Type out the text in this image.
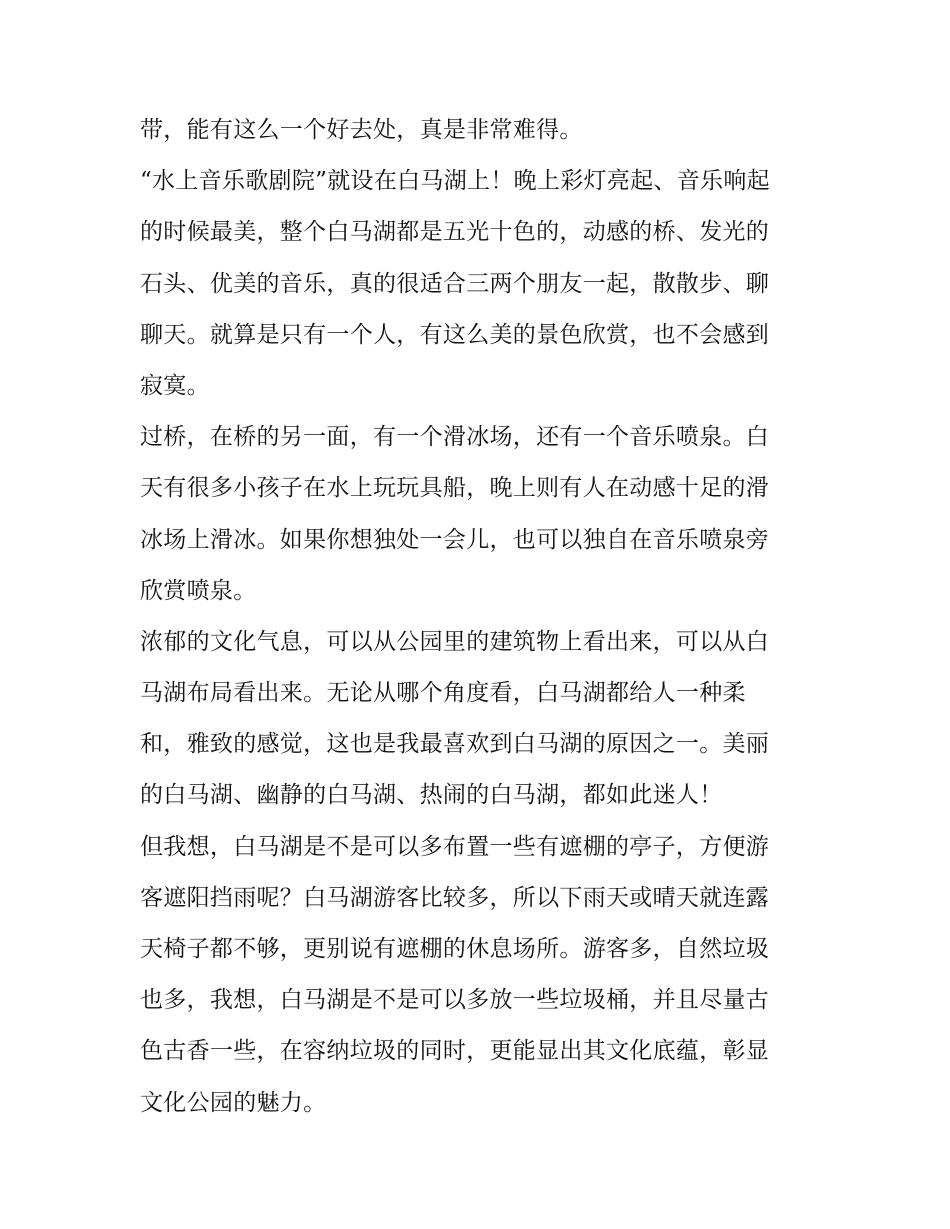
带，能有这么一个好去处，真是非常难得。
“水上音乐歌剧院”就设在白马湖上！晚上彩灯亮起、音乐响起
的时候最美，整个白马湖都是五光十色的，动感的桥、发光的
石头、优美的音乐，真的很适合三两个朋友一起，散散步、聊
聊天。就算是只有一个人，有这么美的景色欣赏，也不会感到
寂寞。
过桥，在桥的另一面，有一个滑冰场，还有一个音乐喷泉。白
天有很多小孩子在水上玩玩具船，晚上则有人在动感十足的滑
冰场上滑冰。如果你想独处一会儿，也可以独自在音乐喷泉旁
欣赏喷泉。
浓郁的文化气息，可以从公园里的建筑物上看出来，可以从白
马湖布局看出来。无论从哪个角度看，白马湖都给人一种柔
和，雅致的感觉，这也是我最喜欢到白马湖的原因之一。美丽
的白马湖、幽静的白马湖、热闹的白马湖，都如此迷人！
但我想，白马湖是不是可以多布置一些有遮棚的亭子，方便游
客遮阳挡雨呢？白马湖游客比较多，所以下雨天或晴天就连露
天椅子都不够，更别说有遮棚的休息场所。游客多，自然垃圾
也多，我想，白马湖是不是可以多放一些垃圾桶，并且尽量古
色古香一些，在容纳垃圾的同时，更能显出其文化底蕴，彰显
文化公园的魅力。
